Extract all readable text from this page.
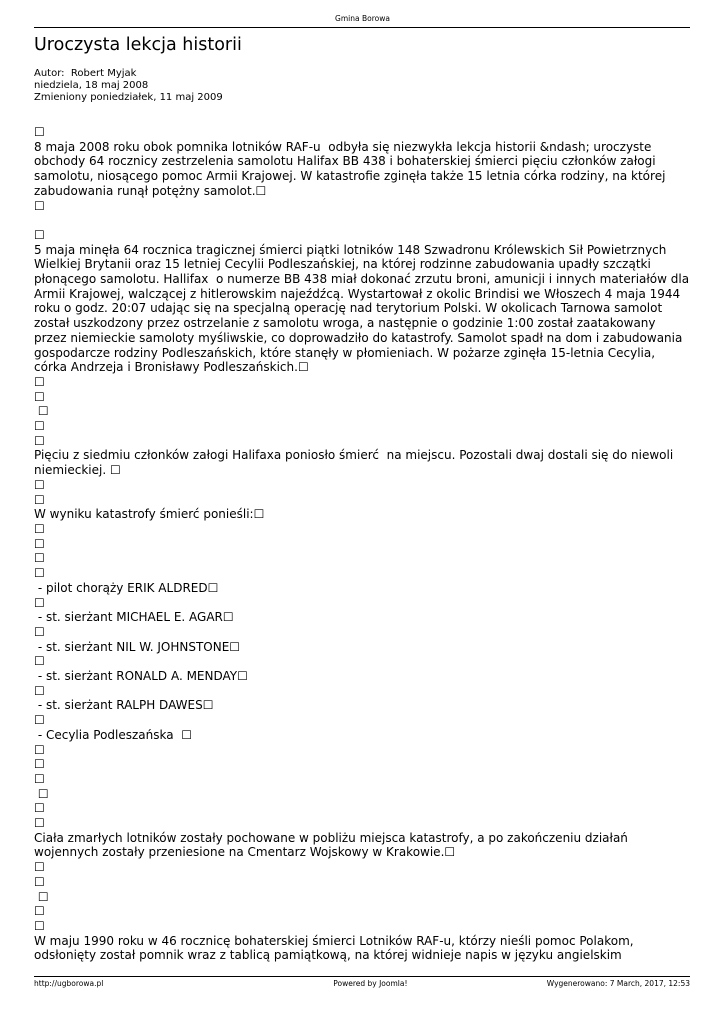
Gmina Borowa
Uroczysta lekcja historii
Autor:  Robert Myjak
niedziela, 18 maj 2008
Zmieniony poniedziałek, 11 maj 2009

☐

8 maja 2008 roku obok pomnika lotników RAF-u  odbyła się niezwykła lekcja historii &ndash; uroczyste obchody 64 rocznicy zestrzelenia samolotu Halifax BB 438 i bohaterskiej śmierci pięciu członków załogi samolotu, niosącego pomoc Armii Krajowej. W katastrofie zginęła także 15 letnia córka rodziny, na której zabudowania runął potężny samolot.☐

☐

☐

5 maja minęła 64 rocznica tragicznej śmierci piątki lotników 148 Szwadronu Królewskich Sił Powietrznych Wielkiej Brytanii oraz 15 letniej Cecylii Podleszańskiej, na której rodzinne zabudowania upadły szczątki płonącego samolotu. Hallifax  o numerze BB 438 miał dokonać zrzutu broni, amunicji i innych materiałów dla  Armii Krajowej, walczącej z hitlerowskim najeźdźcą. Wystartował z okolic Brindisi we Włoszech 4 maja 1944 roku o godz. 20:07 udając się na specjalną operację nad terytorium Polski. W okolicach Tarnowa samolot został uszkodzony przez ostrzelanie z samolotu wroga, a następnie o godzinie 1:00 został zaatakowany przez niemieckie samoloty myśliwskie, co doprowadziło do katastrofy. Samolot spadł na dom i zabudowania gospodarcze rodziny Podleszańskich, które stanęły w płomieniach. W pożarze zginęła 15-letnia Cecylia, córka Andrzeja i Bronisławy Podleszańskich.☐

☐

☐

☐

☐

☐

Pięciu z siedmiu członków załogi Halifaxa poniosło śmierć  na miejscu. Pozostali dwaj dostali się do niewoli niemieckiej. ☐

☐

☐

W wyniku katastrofy śmierć ponieśli:☐

☐

☐

☐

☐

- pilot chorąży ERIK ALDRED☐

☐

- st. sierżant MICHAEL E. AGAR☐

☐

- st. sierżant NIL W. JOHNSTONE☐

☐

- st. sierżant RONALD A. MENDAY☐

☐

- st. sierżant RALPH DAWES☐

☐

- Cecylia Podleszańska  ☐

☐

☐

☐

☐

☐

☐

Ciała zmarłych lotników zostały pochowane w pobliżu miejsca katastrofy, a po zakończeniu działań wojennych zostały przeniesione na Cmentarz Wojskowy w Krakowie.☐

☐

☐

☐

☐

☐

W maju 1990 roku w 46 rocznicę bohaterskiej śmierci Lotników RAF-u, którzy nieśli pomoc Polakom, odsłonięty został pomnik wraz z tablicą pamiątkową, na której widnieje napis w języku angielskim

http://ugborowa.pl	Powered by Joomla!	Wygenerowano: 7 March, 2017, 12:53
